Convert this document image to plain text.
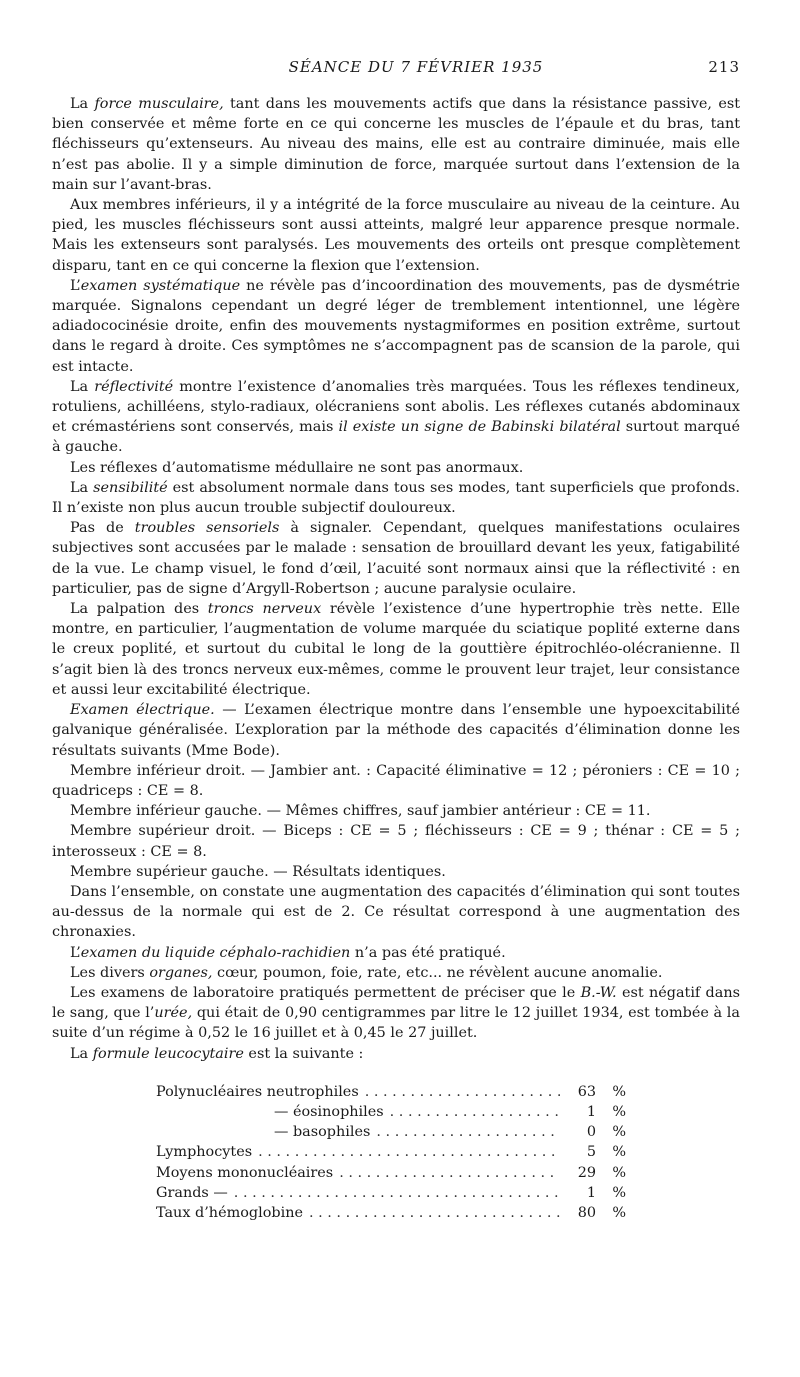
SÉANCE DU 7 FÉVRIER 1935	213

La force musculaire, tant dans les mouvements actifs que dans la résistance passive, est bien conservée et même forte en ce qui concerne les muscles de l’épaule et du bras, tant fléchisseurs qu’extenseurs. Au niveau des mains, elle est au contraire diminuée, mais elle n’est pas abolie. Il y a simple diminution de force, marquée surtout dans l’extension de la main sur l’avant-bras.

Aux membres inférieurs, il y a intégrité de la force musculaire au niveau de la ceinture. Au pied, les muscles fléchisseurs sont aussi atteints, malgré leur apparence presque normale. Mais les extenseurs sont paralysés. Les mouvements des orteils ont presque complètement disparu, tant en ce qui concerne la flexion que l’extension.

L’examen systématique ne révèle pas d’incoordination des mouvements, pas de dysmétrie marquée. Signalons cependant un degré léger de tremblement intentionnel, une légère adiadococinésie droite, enfin des mouvements nystagmiformes en position extrême, surtout dans le regard à droite. Ces symptômes ne s’accompagnent pas de scansion de la parole, qui est intacte.

La réflectivité montre l’existence d’anomalies très marquées. Tous les réflexes tendineux, rotuliens, achilléens, stylo-radiaux, olécraniens sont abolis. Les réflexes cutanés abdominaux et crémastériens sont conservés, mais il existe un signe de Babinski bilatéral surtout marqué à gauche.

Les réflexes d’automatisme médullaire ne sont pas anormaux.

La sensibilité est absolument normale dans tous ses modes, tant superficiels que profonds. Il n’existe non plus aucun trouble subjectif douloureux.

Pas de troubles sensoriels à signaler. Cependant, quelques manifestations oculaires subjectives sont accusées par le malade : sensation de brouillard devant les yeux, fatigabilité de la vue. Le champ visuel, le fond d’œil, l’acuité sont normaux ainsi que la réflectivité : en particulier, pas de signe d’Argyll-Robertson ; aucune paralysie oculaire.

La palpation des troncs nerveux révèle l’existence d’une hypertrophie très nette. Elle montre, en particulier, l’augmentation de volume marquée du sciatique poplité externe dans le creux poplité, et surtout du cubital le long de la gouttière épitrochléo-olécranienne. Il s’agit bien là des troncs nerveux eux-mêmes, comme le prouvent leur trajet, leur consistance et aussi leur excitabilité électrique.

Examen électrique. — L’examen électrique montre dans l’ensemble une hypoexcitabilité galvanique généralisée. L’exploration par la méthode des capacités d’élimination donne les résultats suivants (Mme Bode).

Membre inférieur droit. — Jambier ant. : Capacité éliminative = 12 ; péroniers : CE = 10 ; quadriceps : CE = 8.

Membre inférieur gauche. — Mêmes chiffres, sauf jambier antérieur : CE = 11.

Membre supérieur droit. — Biceps : CE = 5 ; fléchisseurs : CE = 9 ; thénar : CE = 5 ; interosseux : CE = 8.

Membre supérieur gauche. — Résultats identiques.

Dans l’ensemble, on constate une augmentation des capacités d’élimination qui sont toutes au-dessus de la normale qui est de 2. Ce résultat correspond à une augmentation des chronaxies.

L’examen du liquide céphalo-rachidien n’a pas été pratiqué.

Les divers organes, cœur, poumon, foie, rate, etc... ne révèlent aucune anomalie.

Les examens de laboratoire pratiqués permettent de préciser que le B.-W. est négatif dans le sang, que l’urée, qui était de 0,90 centigrammes par litre le 12 juillet 1934, est tombée à la suite d’un régime à 0,52 le 16 juillet et à 0,45 le 27 juillet.

La formule leucocytaire est la suivante :

Polynucléaires neutrophiles . . .	63	%
— éosinophiles . . .	1	%
— basophiles . . .	0	%
Lymphocytes . . .	5	%
Moyens mononucléaires . . .	29	%
Grands — . . .	1	%
Taux d’hémoglobine . . .	80	%
